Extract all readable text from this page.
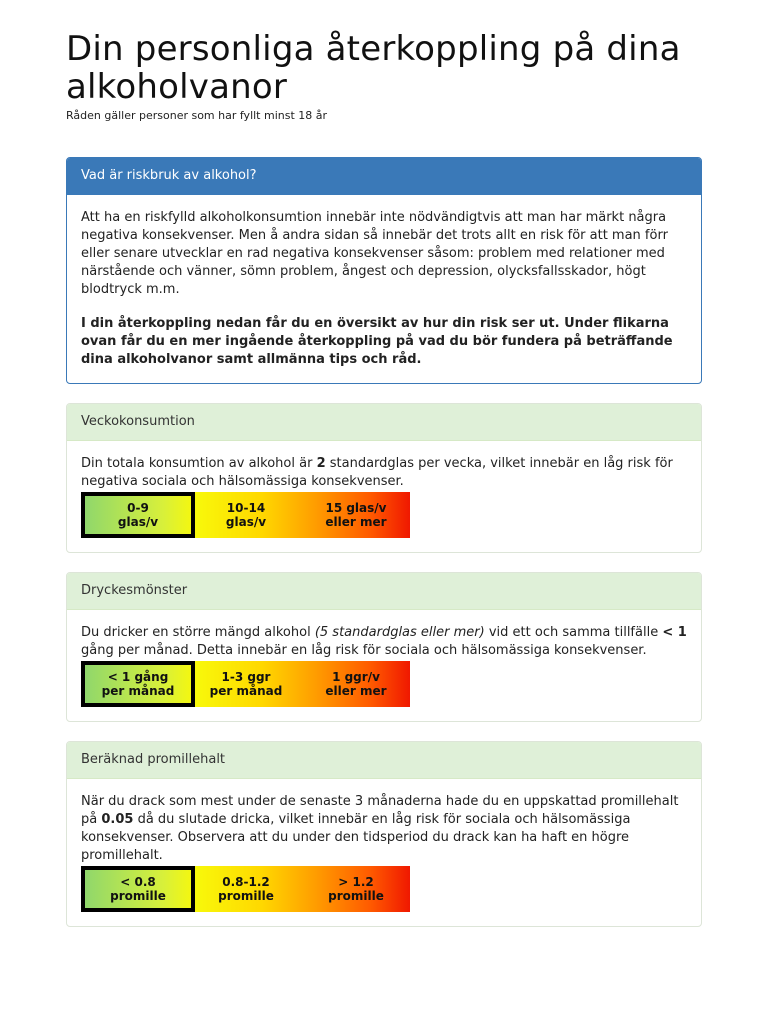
Din personliga återkoppling på dina alkoholvanor
Råden gäller personer som har fyllt minst 18 år
Vad är riskbruk av alkohol?

Att ha en riskfylld alkoholkonsumtion innebär inte nödvändigtvis att man har märkt några negativa konsekvenser. Men å andra sidan så innebär det trots allt en risk för att man förr eller senare utvecklar en rad negativa konsekvenser såsom: problem med relationer med närstående och vänner, sömn problem, ångest och depression, olycksfallsskador, högt blodtryck m.m.

I din återkoppling nedan får du en översikt av hur din risk ser ut. Under flikarna ovan får du en mer ingående återkoppling på vad du bör fundera på beträffande dina alkoholvanor samt allmänna tips och råd.

Veckokonsumtion

Din totala konsumtion av alkohol är 2 standardglas per vecka, vilket innebär en låg risk för negativa sociala och hälsomässiga konsekvenser.

0-9
glas/v
10-14
glas/v
15 glas/v
eller mer
Dryckesmönster

Du dricker en större mängd alkohol (5 standardglas eller mer) vid ett och samma tillfälle < 1 gång per månad. Detta innebär en låg risk för sociala och hälsomässiga konsekvenser.

< 1 gång
per månad
1-3 ggr
per månad
1 ggr/v
eller mer
Beräknad promillehalt

När du drack som mest under de senaste 3 månaderna hade du en uppskattad promillehalt på 0.05 då du slutade dricka, vilket innebär en låg risk för sociala och hälsomässiga konsekvenser. Observera att du under den tidsperiod du drack kan ha haft en högre promillehalt.

< 0.8
promille
0.8-1.2
promille
> 1.2
promille
